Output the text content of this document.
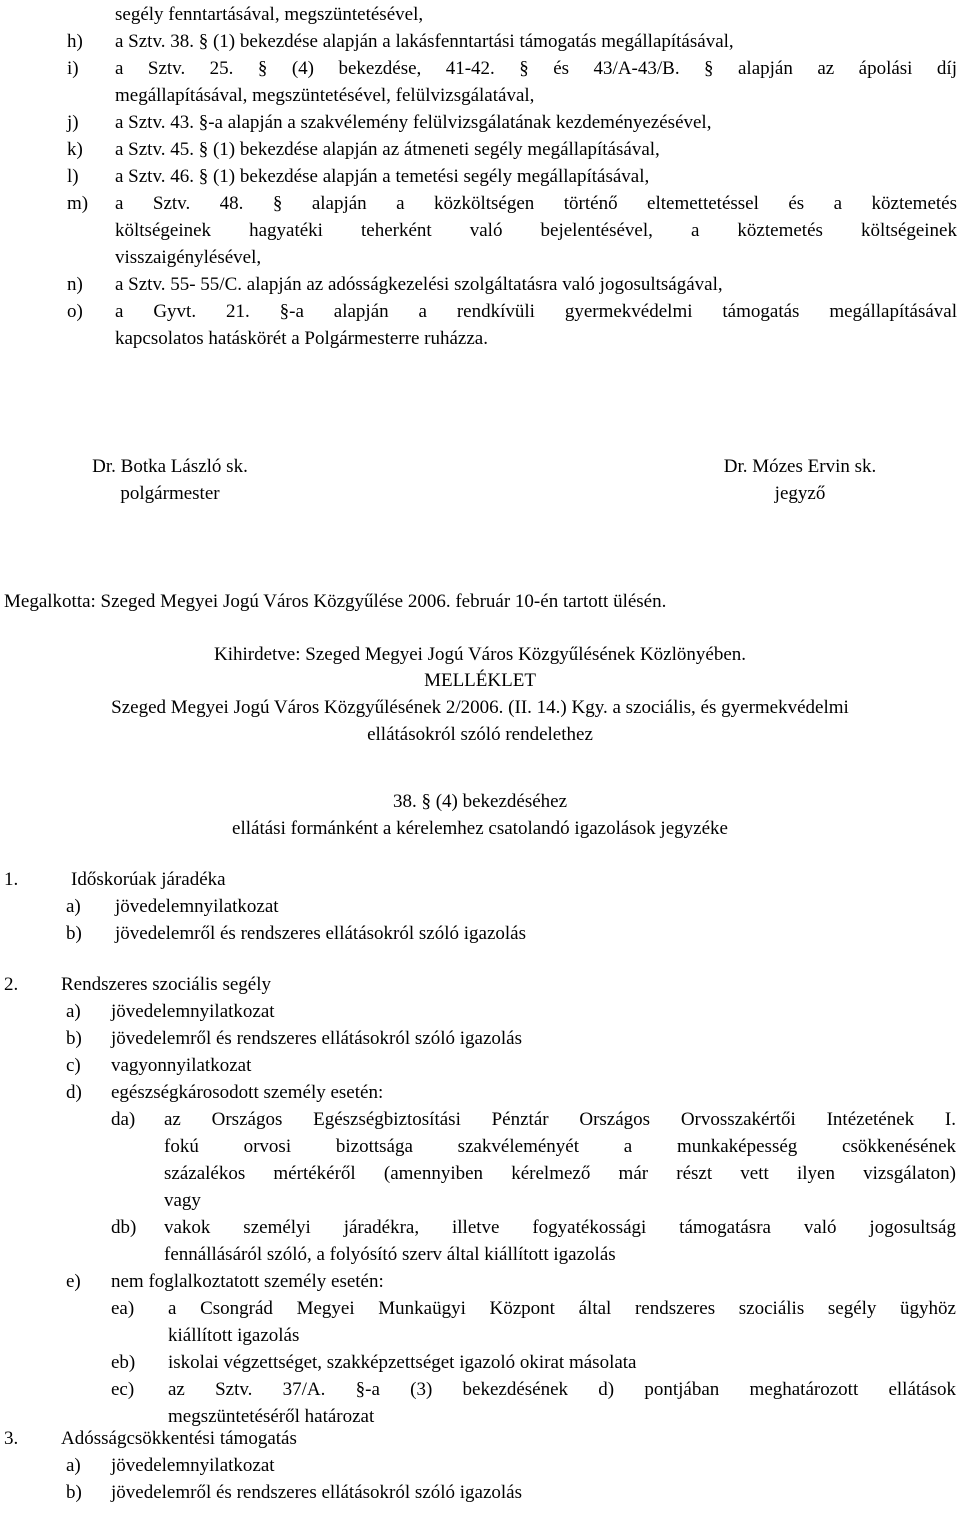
segély fenntartásával, megszüntetésével,
h) a Sztv. 38. § (1) bekezdése alapján a lakásfenntartási támogatás megállapításával,
i) a Sztv. 25. § (4) bekezdése, 41-42. § és 43/A-43/B. § alapján az ápolási díj
megállapításával, megszüntetésével, felülvizsgálatával,
j) a Sztv. 43. §-a alapján a szakvélemény felülvizsgálatának kezdeményezésével,
k) a Sztv. 45. § (1) bekezdése alapján az átmeneti segély megállapításával,
l) a Sztv. 46. § (1) bekezdése alapján a temetési segély megállapításával,
m) a Sztv. 48. § alapján a közköltségen történő eltemettetéssel és a köztemetés
költségeinek hagyatéki teherként való bejelentésével, a köztemetés költségeinek
visszaigénylésével,
n) a Sztv. 55- 55/C. alapján az adósságkezelési szolgáltatásra való jogosultságával,
o) a Gyvt. 21. §-a alapján a rendkívüli gyermekvédelmi támogatás megállapításával
kapcsolatos hatáskörét a Polgármesterre ruházza.
Dr. Botka László sk.
polgármester
Dr. Mózes Ervin sk.
jegyző
Megalkotta: Szeged Megyei Jogú Város Közgyűlése 2006. február 10-én tartott ülésén.
Kihirdetve: Szeged Megyei Jogú Város Közgyűlésének Közlönyében.
MELLÉKLET
Szeged Megyei Jogú Város Közgyűlésének 2/2006. (II. 14.) Kgy. a szociális, és gyermekvédelmi
ellátásokról szóló rendelethez
38. § (4) bekezdéséhez
ellátási formánként a kérelemhez csatolandó igazolások jegyzéke
1.	Időskorúak járadéka
a) jövedelemnyilatkozat
b) jövedelemről és rendszeres ellátásokról szóló igazolás
2. Rendszeres szociális segély
a) jövedelemnyilatkozat
b) jövedelemről és rendszeres ellátásokról szóló igazolás
c) vagyonnyilatkozat
d) egészségkárosodott személy esetén:
da) az Országos Egészségbiztosítási Pénztár Országos Orvosszakértői Intézetének I.
fokú orvosi bizottsága szakvéleményét a munkaképesség csökkenésének
százalékos mértékéről (amennyiben kérelmező már részt vett ilyen vizsgálaton)
vagy
db) vakok személyi járadékra, illetve fogyatékossági támogatásra való jogosultság
fennállásáról szóló, a folyósító szerv által kiállított igazolás
e) nem foglalkoztatott személy esetén:
ea) a Csongrád Megyei Munkaügyi Központ által rendszeres szociális segély ügyhöz
kiállított igazolás
eb) iskolai végzettséget, szakképzettséget igazoló okirat másolata
ec) az Sztv. 37/A. §-a (3) bekezdésének d) pontjában meghatározott ellátások
megszüntetéséről határozat
3. Adósságcsökkentési támogatás
a) jövedelemnyilatkozat
b) jövedelemről és rendszeres ellátásokról szóló igazolás
